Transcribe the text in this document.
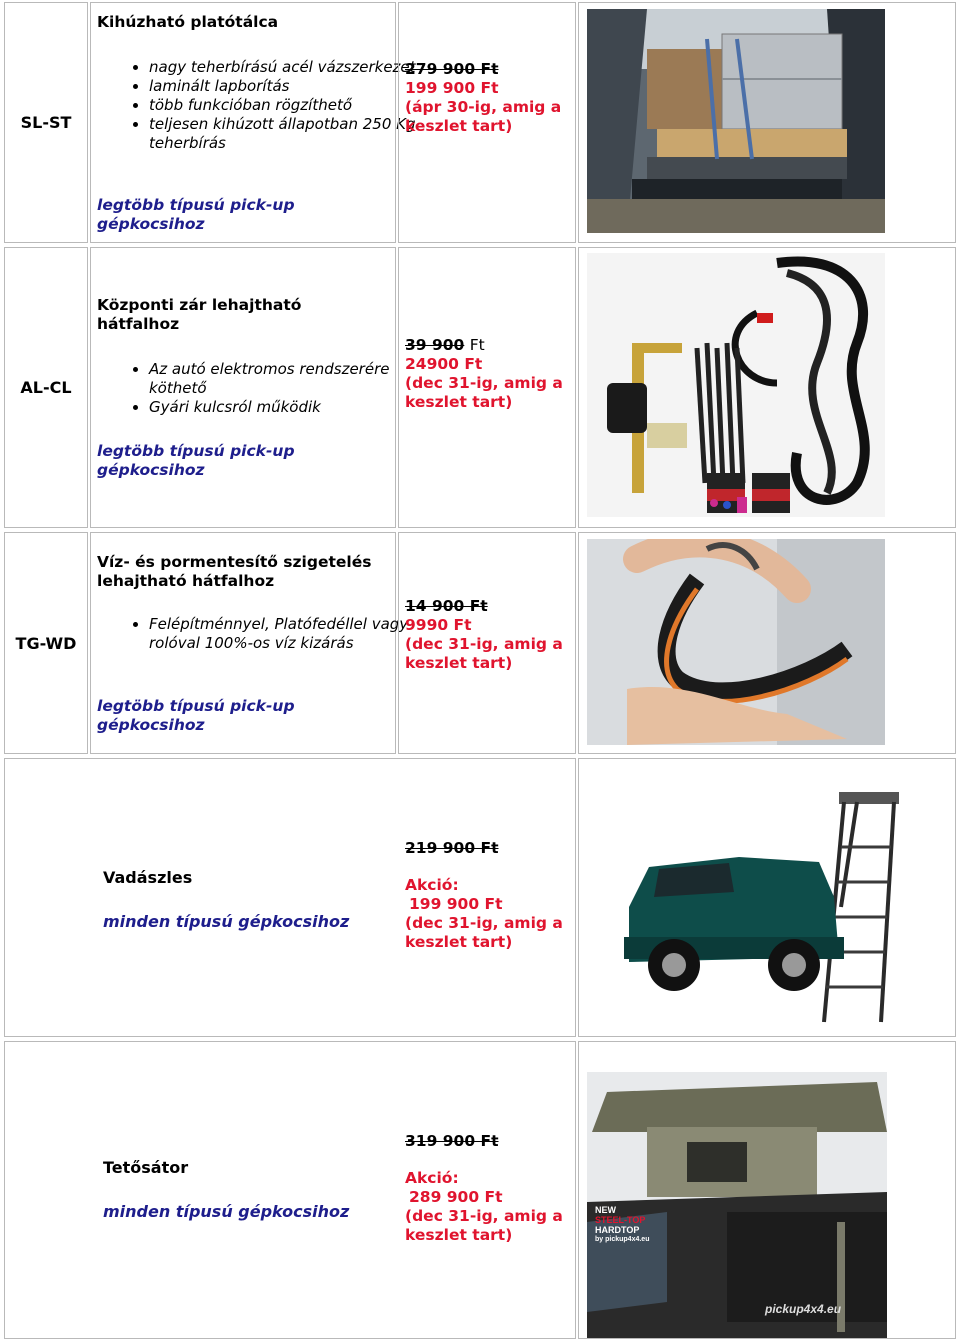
SL-ST
Kihúzható platótálca
• nagy teherbírású acél vázszerkezet
• laminált lapborítás
• több funkcióban rögzíthető
• teljesen kihúzott állapotban 250 Kg teherbírás
legtöbb típusú pick-up gépkocsihoz
279 900 Ft
199 900 Ft
(ápr 30-ig, amig a keszlet tart)
AL-CL
Központi zár lehajtható hátfalhoz
• Az autó elektromos rendszerére köthető
• Gyári kulcsról működik
legtöbb típusú pick-up gépkocsihoz
39 900 Ft
24900 Ft
(dec 31-ig, amig a keszlet tart)
TG-WD
Víz- és pormentesítő szigetelés lehajtható hátfalhoz
• Felépítménnyel, Platófedéllel vagy rolóval 100%-os víz kizárás
legtöbb típusú pick-up gépkocsihoz
14 900 Ft
9990 Ft
(dec 31-ig, amig a keszlet tart)
Vadászles
minden típusú gépkocsihoz
219 900 Ft
Akció:
199 900 Ft
(dec 31-ig, amig a keszlet tart)
Tetősátor
minden típusú gépkocsihoz
319 900 Ft
Akció:
289 900 Ft
(dec 31-ig, amig a keszlet tart)
NEW
STEEL-TOP
HARDTOP
by pickup4x4.eu
pickup4x4.eu
